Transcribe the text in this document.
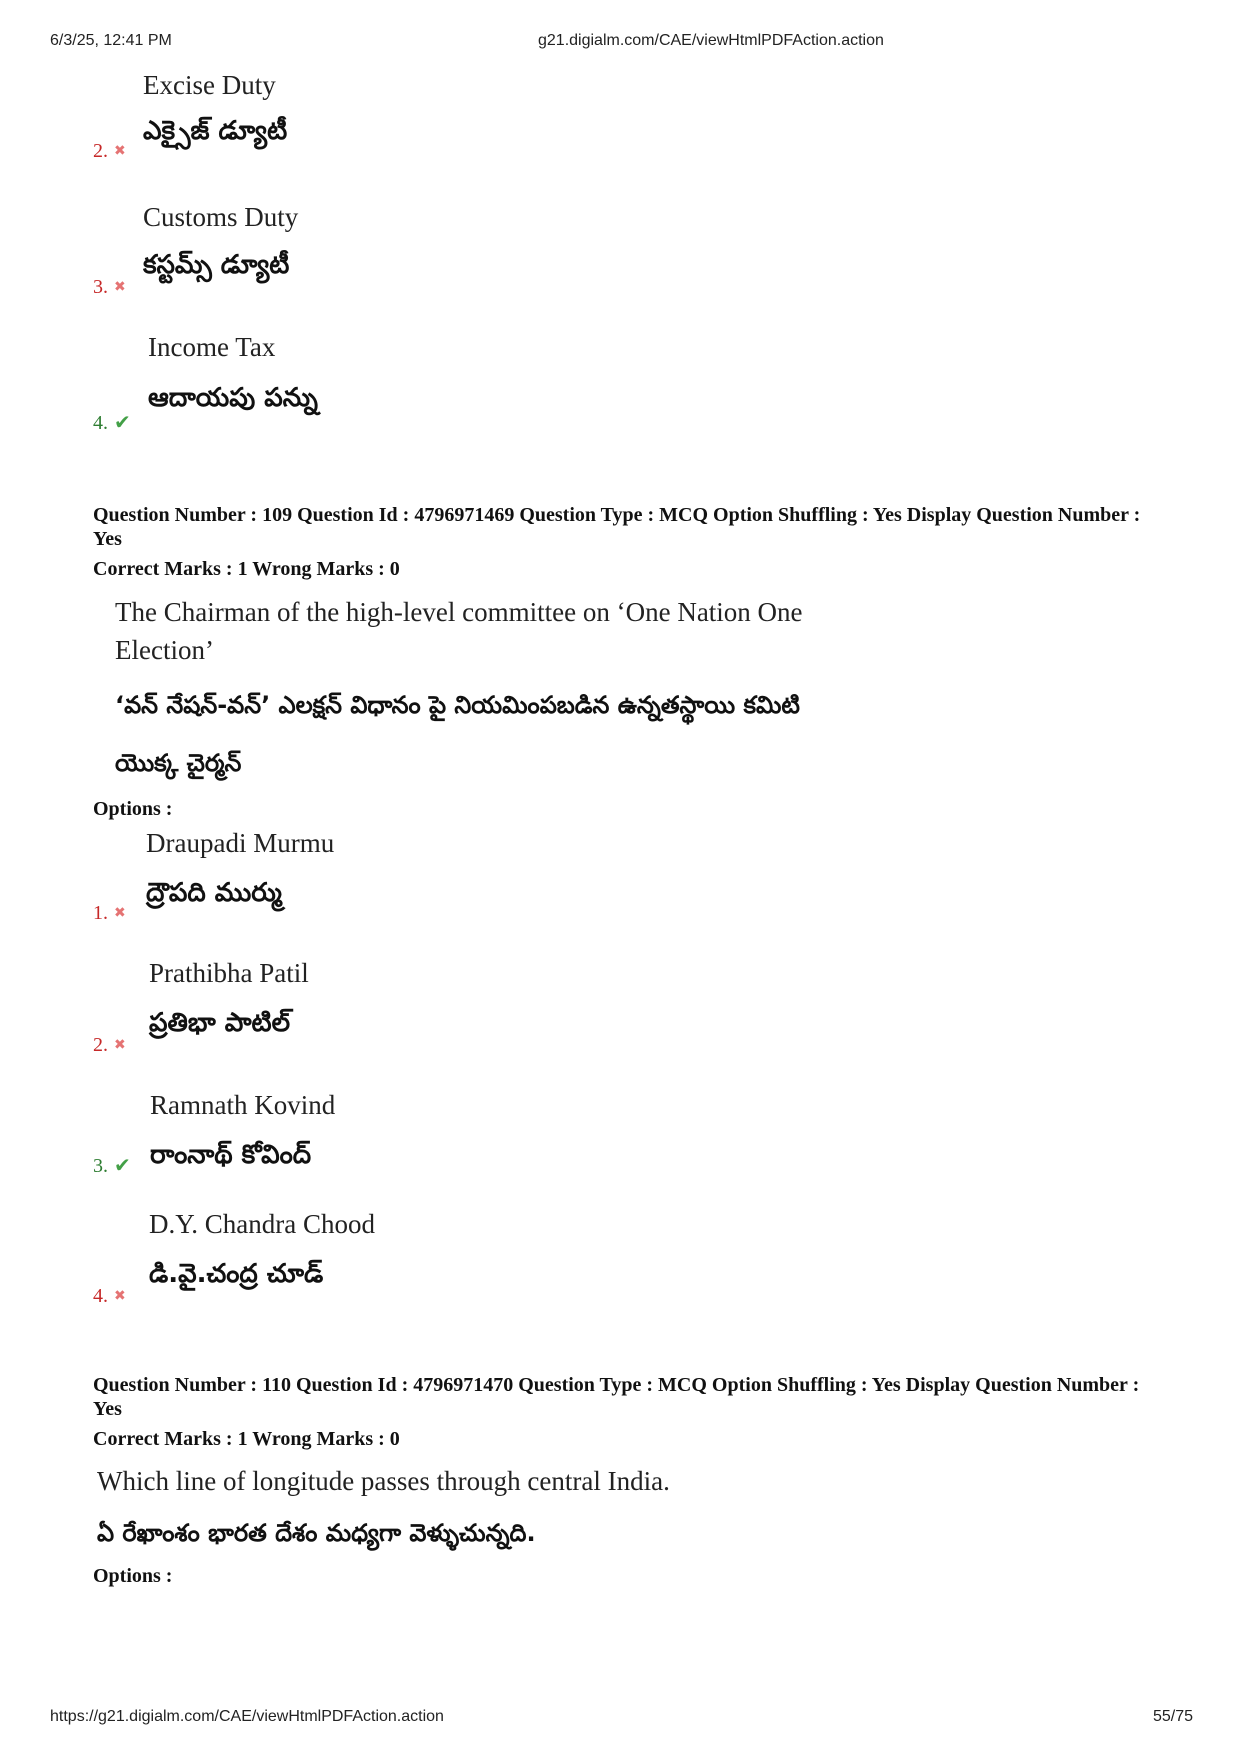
6/3/25, 12:41 PM	g21.digialm.com/CAE/viewHtmlPDFAction.action
Excise Duty
ఎక్సైజ్ డ్యూటీ
2. ✖
Customs Duty
కస్టమ్స్ డ్యూటీ
3. ✖
Income Tax
ఆదాయపు పన్ను
4. ✔
Question Number : 109 Question Id : 4796971469 Question Type : MCQ Option Shuffling : Yes Display Question Number : Yes
Correct Marks : 1 Wrong Marks : 0
The Chairman of the high-level committee on ‘One Nation One
Election’
‘వన్ నేషన్-వన్’ ఎలక్షన్ విధానం పై నియమింపబడిన ఉన్నతస్థాయి కమిటి
యొక్క చైర్మన్
Options :
Draupadi Murmu
ద్రౌపది ముర్ము
1. ✖
Prathibha Patil
ప్రతిభా పాటిల్
2. ✖
Ramnath Kovind
రాంనాథ్ కోవింద్
3. ✔
D.Y. Chandra Chood
డి.వై.చంద్ర చూడ్
4. ✖
Question Number : 110 Question Id : 4796971470 Question Type : MCQ Option Shuffling : Yes Display Question Number : Yes
Correct Marks : 1 Wrong Marks : 0
Which line of longitude passes through central India.
ఏ రేఖాంశం భారత దేశం మధ్యగా వెళ్ళుచున్నది.
Options :
https://g21.digialm.com/CAE/viewHtmlPDFAction.action	55/75
